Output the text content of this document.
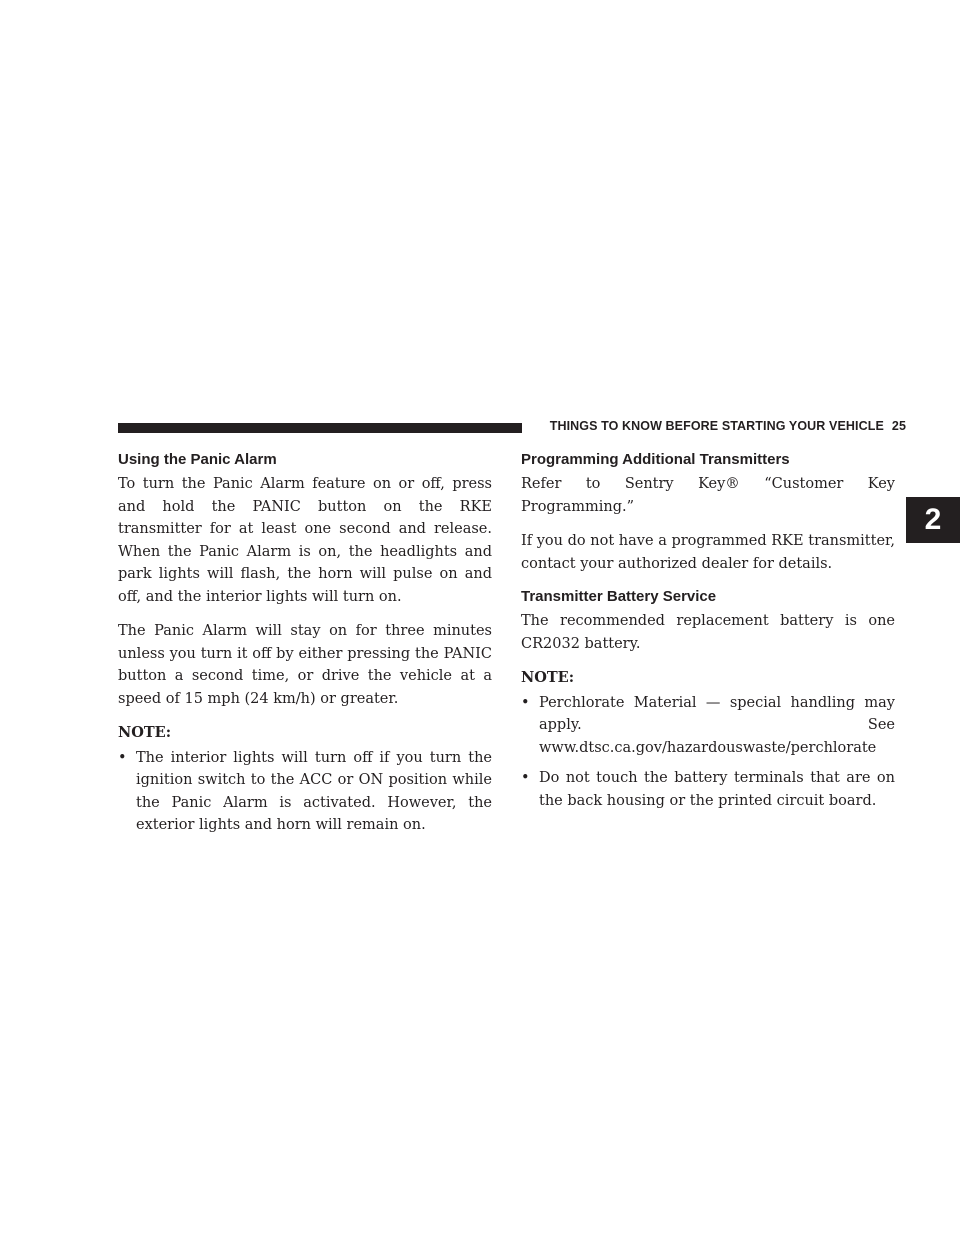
THINGS TO KNOW BEFORE STARTING YOUR VEHICLE 25
2
Using the Panic Alarm

To turn the Panic Alarm feature on or off, press and hold the PANIC button on the RKE transmitter for at least one second and release. When the Panic Alarm is on, the headlights and park lights will flash, the horn will pulse on and off, and the interior lights will turn on.

The Panic Alarm will stay on for three minutes unless you turn it off by either pressing the PANIC button a second time, or drive the vehicle at a speed of 15 mph (24 km/h) or greater.

NOTE:

• The interior lights will turn off if you turn the ignition switch to the ACC or ON position while the Panic Alarm is activated. However, the exterior lights and horn will remain on.
Programming Additional Transmitters

Refer to Sentry Key® “Customer Key Programming.”

If you do not have a programmed RKE transmitter, contact your authorized dealer for details.

Transmitter Battery Service

The recommended replacement battery is one CR2032 battery.

NOTE:

• Perchlorate Material — special handling may apply. See www.dtsc.ca.gov/hazardouswaste/perchlorate
• Do not touch the battery terminals that are on the back housing or the printed circuit board.
